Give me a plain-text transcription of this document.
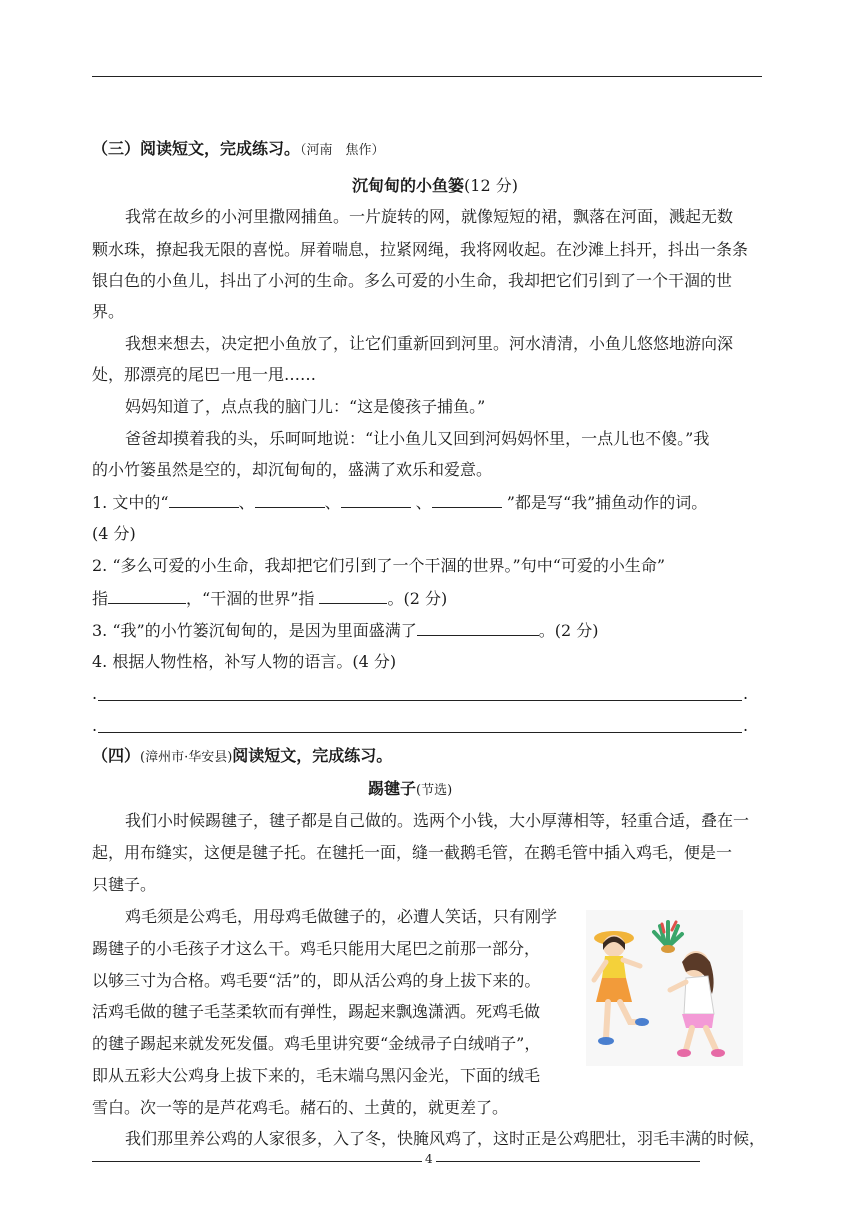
（三）阅读短文，完成练习。（河南　焦作）
沉甸甸的小鱼篓(12 分)
我常在故乡的小河里撒网捕鱼。一片旋转的网，就像短短的裙，飘落在河面，溅起无数
颗水珠，撩起我无限的喜悦。屏着喘息，拉紧网绳，我将网收起。在沙滩上抖开，抖出一条条
银白色的小鱼儿，抖出了小河的生命。多么可爱的小生命，我却把它们引到了一个干涸的世
界。
我想来想去，决定把小鱼放了，让它们重新回到河里。河水清清，小鱼儿悠悠地游向深
处，那漂亮的尾巴一甩一甩……
妈妈知道了，点点我的脑门儿：“这是傻孩子捕鱼。”
爸爸却摸着我的头，乐呵呵地说：“让小鱼儿又回到河妈妈怀里，一点儿也不傻。”我
的小竹篓虽然是空的，却沉甸甸的，盛满了欢乐和爱意。
1. 文中的“	、	、	、	”都是写“我”捕鱼动作的词。
(4 分)
2. “多么可爱的小生命，我却把它们引到了一个干涸的世界。”句中“可爱的小生命”
指	，“干涸的世界”指	。(2 分)
3. “我”的小竹篓沉甸甸的，是因为里面盛满了	。(2 分)
4. 根据人物性格，补写人物的语言。(4 分)
.	.
.	.
（四）(漳州市·华安县)阅读短文，完成练习。
踢毽子(节选)
我们小时候踢毽子，毽子都是自己做的。选两个小钱，大小厚薄相等，轻重合适，叠在一
起，用布缝实，这便是毽子托。在毽托一面，缝一截鹅毛管，在鹅毛管中插入鸡毛，便是一
只毽子。
鸡毛须是公鸡毛，用母鸡毛做毽子的，必遭人笑话，只有刚学
踢毽子的小毛孩子才这么干。鸡毛只能用大尾巴之前那一部分，
以够三寸为合格。鸡毛要“活”的，即从活公鸡的身上拔下来的。
活鸡毛做的毽子毛茎柔软而有弹性，踢起来飘逸潇洒。死鸡毛做
的毽子踢起来就发死发僵。鸡毛里讲究要“金绒帚子白绒哨子”，
即从五彩大公鸡身上拔下来的，毛末端乌黑闪金光，下面的绒毛
雪白。次一等的是芦花鸡毛。赭石的、土黄的，就更差了。
我们那里养公鸡的人家很多，入了冬，快腌风鸡了，这时正是公鸡肥壮，羽毛丰满的时候，
4
